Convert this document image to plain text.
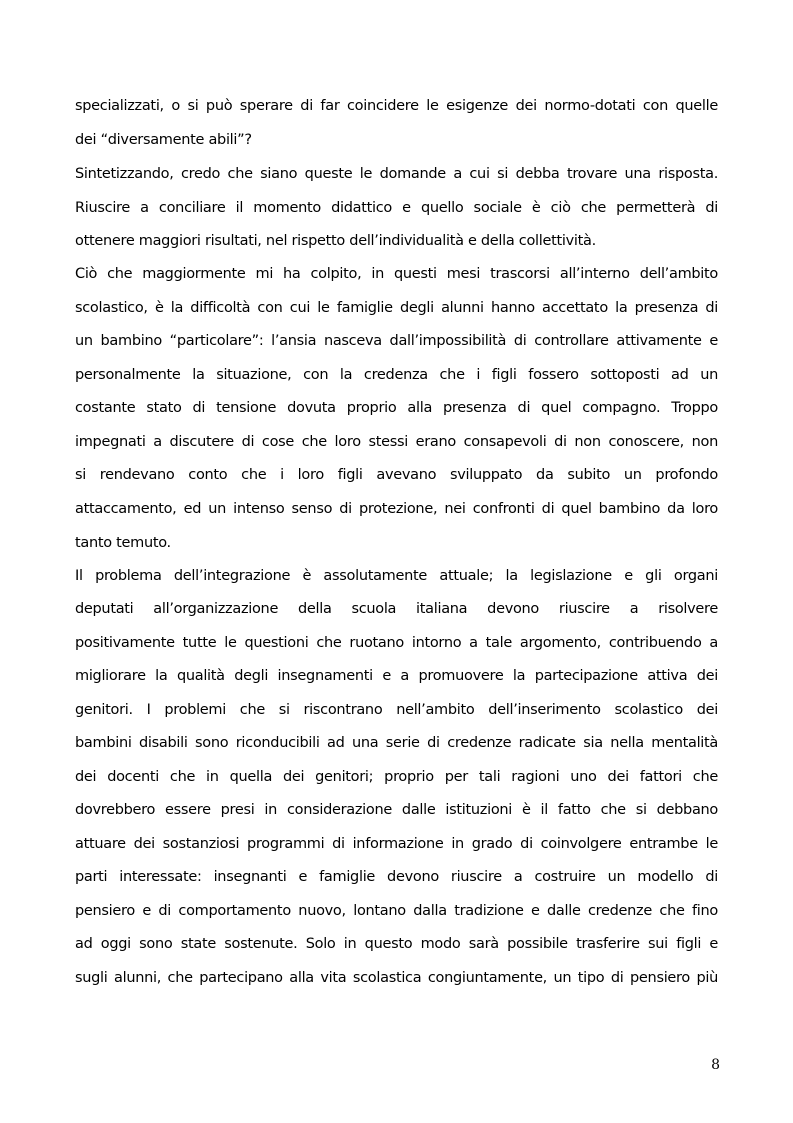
specializzati, o si può sperare di far coincidere le esigenze dei normo-dotati con quelle
dei “diversamente abili”?
Sintetizzando, credo che siano queste le domande a cui si debba trovare una risposta.
Riuscire a conciliare il momento didattico e quello sociale è ciò che permetterà di
ottenere maggiori risultati, nel rispetto dell’individualità e della collettività.
Ciò che maggiormente mi ha colpito, in questi mesi trascorsi all’interno dell’ambito
scolastico, è la difficoltà con cui le famiglie degli alunni hanno accettato la presenza di
un bambino “particolare”: l’ansia nasceva dall’impossibilità di controllare attivamente e
personalmente la situazione, con la credenza che i figli fossero sottoposti ad un
costante stato di tensione dovuta proprio alla presenza di quel compagno. Troppo
impegnati a discutere di cose che loro stessi erano consapevoli di non conoscere, non
si rendevano conto che i loro figli avevano sviluppato da subito un profondo
attaccamento, ed un intenso senso di protezione, nei confronti di quel bambino da loro
tanto temuto.
Il problema dell’integrazione è assolutamente attuale; la legislazione e gli organi
deputati all’organizzazione della scuola italiana devono riuscire a risolvere
positivamente tutte le questioni che ruotano intorno a tale argomento, contribuendo a
migliorare la qualità degli insegnamenti e a promuovere la partecipazione attiva dei
genitori. I problemi che si riscontrano nell’ambito dell’inserimento scolastico dei
bambini disabili sono riconducibili ad una serie di credenze radicate sia nella mentalità
dei docenti che in quella dei genitori; proprio per tali ragioni uno dei fattori che
dovrebbero essere presi in considerazione dalle istituzioni è il fatto che si debbano
attuare dei sostanziosi programmi di informazione in grado di coinvolgere entrambe le
parti interessate: insegnanti e famiglie devono riuscire a costruire un modello di
pensiero e di comportamento nuovo, lontano dalla tradizione e dalle credenze che fino
ad oggi sono state sostenute. Solo in questo modo sarà possibile trasferire sui figli e
sugli alunni, che partecipano alla vita scolastica congiuntamente, un tipo di pensiero più
8
